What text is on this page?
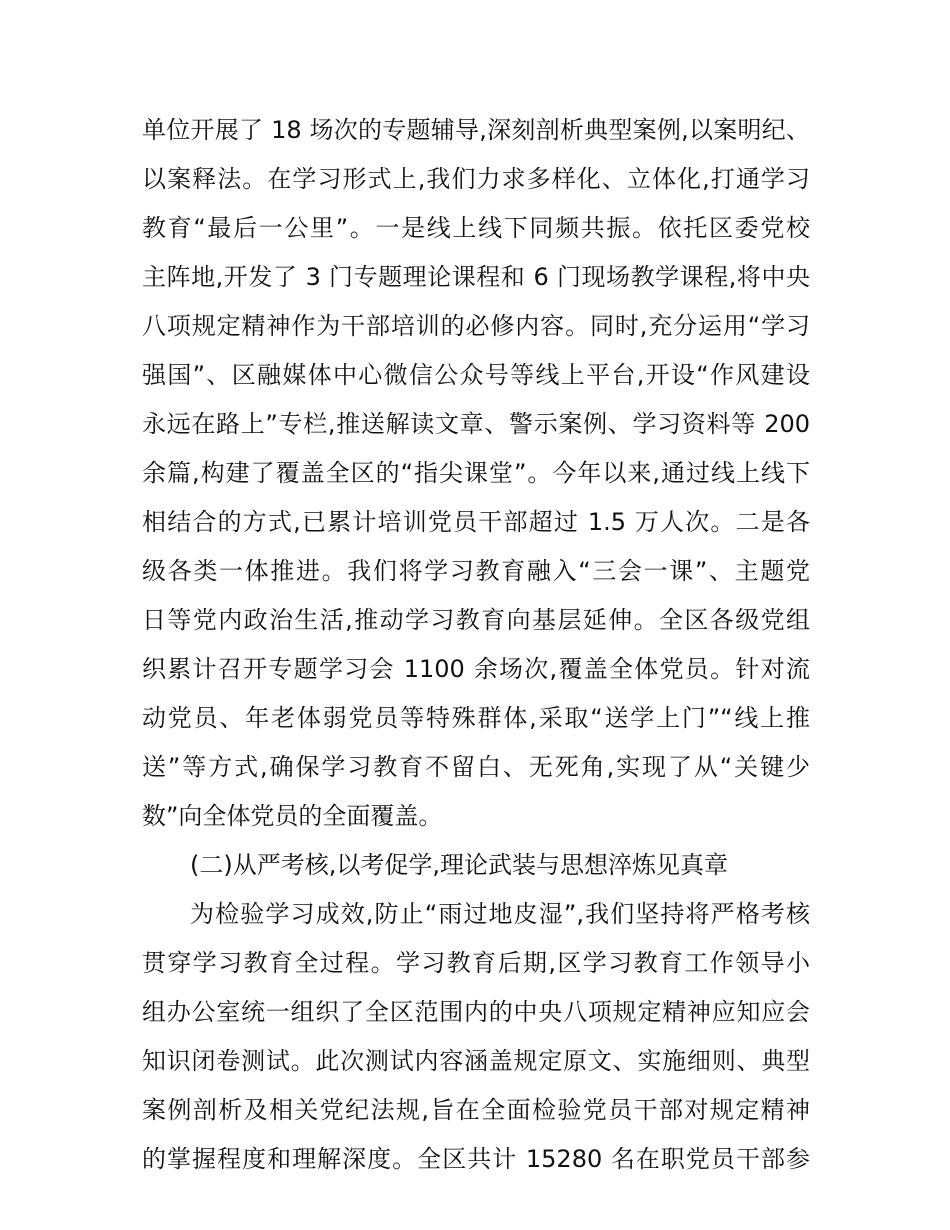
单位开展了 18 场次的专题辅导,深刻剖析典型案例,以案明纪、
以案释法。在学习形式上,我们力求多样化、立体化,打通学习
教育“最后一公里”。一是线上线下同频共振。依托区委党校
主阵地,开发了 3 门专题理论课程和 6 门现场教学课程,将中央
八项规定精神作为干部培训的必修内容。同时,充分运用“学习
强国”、区融媒体中心微信公众号等线上平台,开设“作风建设
永远在路上”专栏,推送解读文章、警示案例、学习资料等 200
余篇,构建了覆盖全区的“指尖课堂”。今年以来,通过线上线下
相结合的方式,已累计培训党员干部超过 1.5 万人次。二是各
级各类一体推进。我们将学习教育融入“三会一课”、主题党
日等党内政治生活,推动学习教育向基层延伸。全区各级党组
织累计召开专题学习会 1100 余场次,覆盖全体党员。针对流
动党员、年老体弱党员等特殊群体,采取“送学上门”“线上推
送”等方式,确保学习教育不留白、无死角,实现了从“关键少
数”向全体党员的全面覆盖。
(二)从严考核,以考促学,理论武装与思想淬炼见真章
为检验学习成效,防止“雨过地皮湿”,我们坚持将严格考核
贯穿学习教育全过程。学习教育后期,区学习教育工作领导小
组办公室统一组织了全区范围内的中央八项规定精神应知应会
知识闭卷测试。此次测试内容涵盖规定原文、实施细则、典型
案例剖析及相关党纪法规,旨在全面检验党员干部对规定精神
的掌握程度和理解深度。全区共计 15280 名在职党员干部参
